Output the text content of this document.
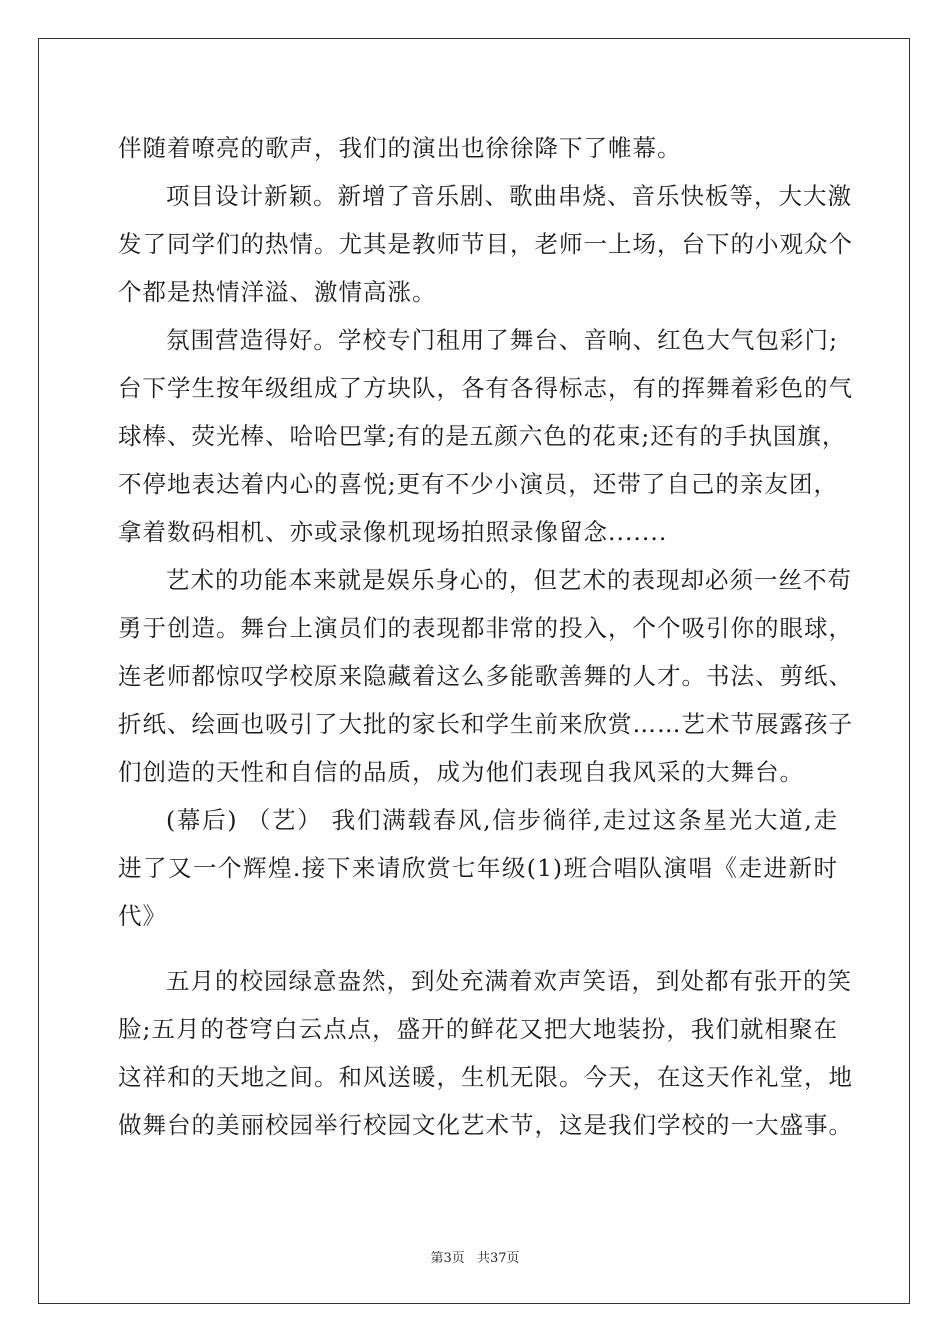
伴随着嘹亮的歌声，我们的演出也徐徐降下了帷幕。
项目设计新颖。新增了音乐剧、歌曲串烧、音乐快板等，大大激
发了同学们的热情。尤其是教师节目，老师一上场，台下的小观众个
个都是热情洋溢、激情高涨。
氛围营造得好。学校专门租用了舞台、音响、红色大气包彩门;
台下学生按年级组成了方块队，各有各得标志，有的挥舞着彩色的气
球棒、荧光棒、哈哈巴掌;有的是五颜六色的花束;还有的手执国旗，
不停地表达着内心的喜悦;更有不少小演员，还带了自己的亲友团，
拿着数码相机、亦或录像机现场拍照录像留念.......
艺术的功能本来就是娱乐身心的，但艺术的表现却必须一丝不苟
勇于创造。舞台上演员们的表现都非常的投入，个个吸引你的眼球，
连老师都惊叹学校原来隐藏着这么多能歌善舞的人才。书法、剪纸、
折纸、绘画也吸引了大批的家长和学生前来欣赏……艺术节展露孩子
们创造的天性和自信的品质，成为他们表现自我风采的大舞台。
(幕后) （艺） 我们满载春风,信步徜徉,走过这条星光大道,走
进了又一个辉煌.接下来请欣赏七年级(1)班合唱队演唱《走进新时
代》
五月的校园绿意盎然，到处充满着欢声笑语，到处都有张开的笑
脸;五月的苍穹白云点点，盛开的鲜花又把大地装扮，我们就相聚在
这祥和的天地之间。和风送暖，生机无限。今天，在这天作礼堂，地
做舞台的美丽校园举行校园文化艺术节，这是我们学校的一大盛事。
第3页 共37页
